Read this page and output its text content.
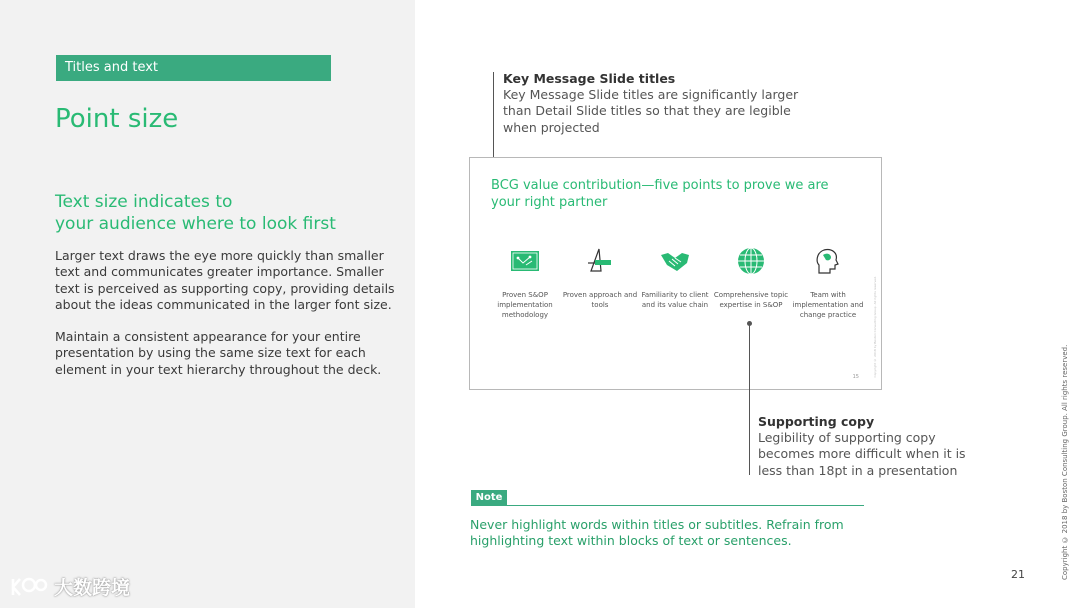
Titles and text
Point size
Text size indicates to
your audience where to look first
Larger text draws the eye more quickly than smaller text and communicates greater importance. Smaller text is perceived as supporting copy, providing details about the ideas communicated in the larger font size.
Maintain a consistent appearance for your entire presentation by using the same size text for each element in your text hierarchy throughout the deck.
大数跨境
Key Message Slide titles
Key Message Slide titles are significantly larger than Detail Slide titles so that they are legible when projected
BCG value contribution—five points to prove we are your right partner
Proven S&OP implementation methodology
Proven approach and tools
Familiarity to client and its value chain
Comprehensive topic expertise in S&OP
Team with implementation and change practice
15	Copyright © 2018 by Boston Consulting Group. All rights reserved.
Supporting copy
Legibility of supporting copy becomes more difficult when it is less than 18pt in a presentation
Note
Never highlight words within titles or subtitles. Refrain from highlighting text within blocks of text or sentences.
21	Copyright © 2018 by Boston Consulting Group. All rights reserved.
